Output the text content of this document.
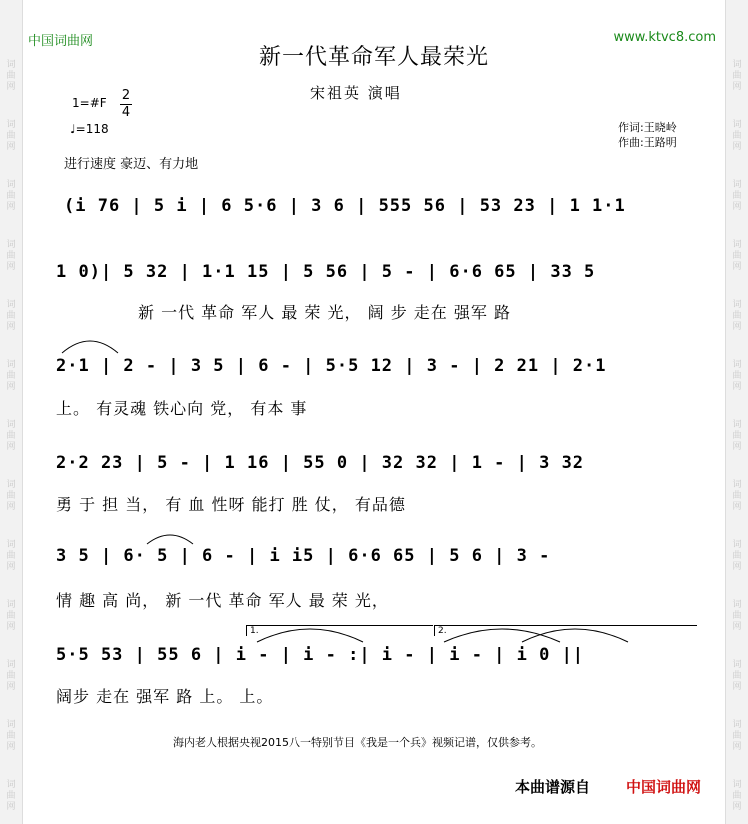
词
曲
网
词
曲
网
词
曲
网
词
曲
网
词
曲
网
词
曲
网
词
曲
网
词
曲
网
词
曲
网
词
曲
网
词
曲
网
词
曲
网
词
曲
网
词
曲
网
词
曲
网
词
曲
网
词
曲
网
词
曲
网
词
曲
网
词
曲
网
词
曲
网
词
曲
网
词
曲
网
词
曲
网
词
曲
网
词
曲
网
中国词曲网	www.ktvc8.com
新一代革命军人最荣光
宋祖英 演唱
1=#F 2
4
♩=118	作词:王晓岭
作曲:王路明
进行速度 豪迈、有力地
(i 76 | 5 i | 6 5·6 | 3 6 | 555 56 | 53 23 | 1 1·1
1 0)| 5 32 | 1·1 15 | 5 56 | 5 - | 6·6 65 | 33 5
新 一代 革命 军人 最 荣 光， 阔 步 走在 强军 路
2·1 | 2 - | 3 5 | 6 - | 5·5 12 | 3 - | 2 21 | 2·1
上。 有灵魂 铁心向 党， 有本 事
2·2 23 | 5 - | 1 16 | 55 0 | 32 32 | 1 - | 3 32
勇 于 担 当， 有 血 性呀 能打 胜 仗， 有品德
3 5 | 6· 5 | 6 - | i i5 | 6·6 65 | 5 6 | 3 -
情 趣 高 尚， 新 一代 革命 军人 最 荣 光，
1.	2.
5·5 53 | 55 6 | i - | i - :| i - | i - | i 0 ||
阔步 走在 强军 路 上。 上。
海内老人根据央视2015八一特别节目《我是一个兵》视频记谱，仅供参考。
本曲谱源自 中国词曲网
